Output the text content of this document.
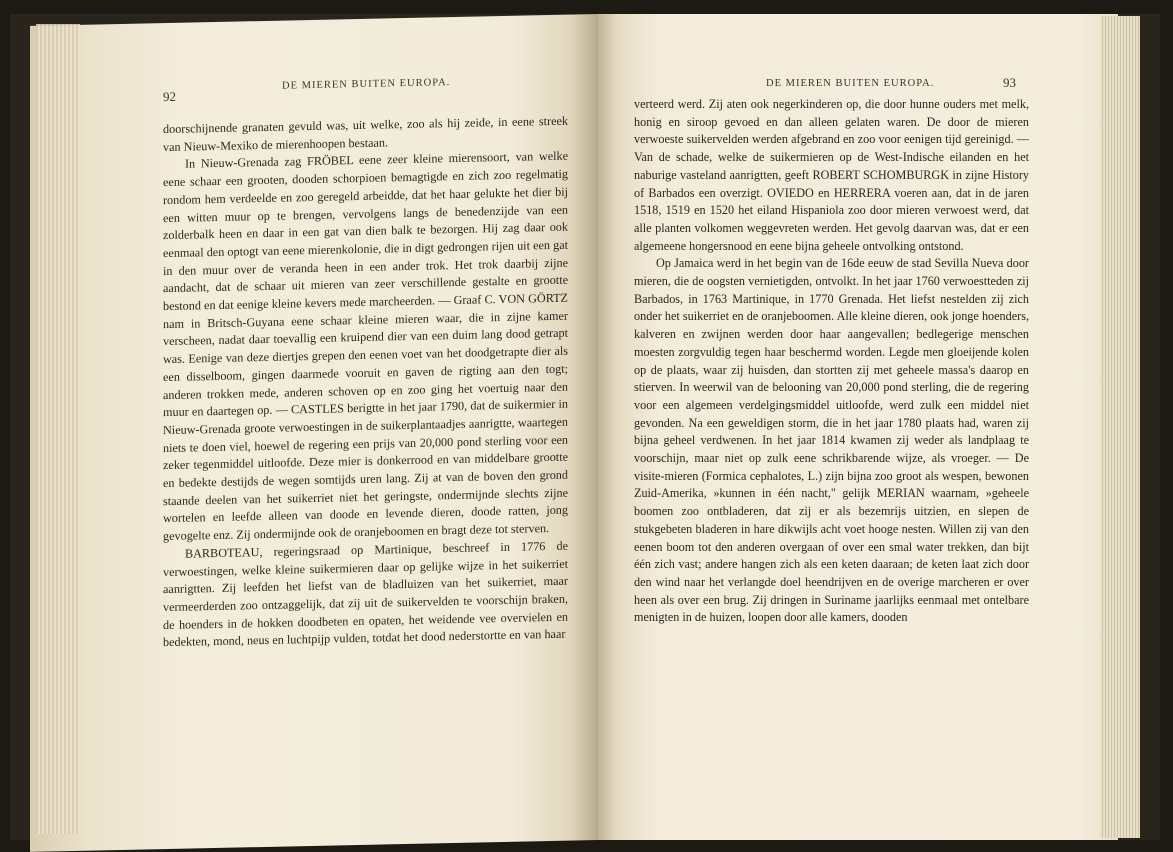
92
DE MIEREN BUITEN EUROPA.

doorschijnende granaten gevuld was, uit welke, zoo als hij zeide, in eene streek van Nieuw-Mexiko de mierenhoopen bestaan.

In Nieuw-Grenada zag FRÖBEL eene zeer kleine mierensoort, van welke eene schaar een grooten, dooden schorpioen bemagtigde en zich zoo regelmatig rondom hem verdeelde en zoo geregeld arbeidde, dat het haar gelukte het dier bij een witten muur op te brengen, vervolgens langs de benedenzijde van een zolderbalk heen en daar in een gat van dien balk te bezorgen. Hij zag daar ook eenmaal den optogt van eene mierenkolonie, die in digt gedrongen rijen uit een gat in den muur over de veranda heen in een ander trok. Het trok daarbij zijne aandacht, dat de schaar uit mieren van zeer verschillende gestalte en grootte bestond en dat eenige kleine kevers mede marcheerden. — Graaf C. VON GÖRTZ nam in Britsch-Guyana eene schaar kleine mieren waar, die in zijne kamer verscheen, nadat daar toevallig een kruipend dier van een duim lang dood getrapt was. Eenige van deze diertjes grepen den eenen voet van het doodgetrapte dier als een disselboom, gingen daarmede vooruit en gaven de rigting aan den togt; anderen trokken mede, anderen schoven op en zoo ging het voertuig naar den muur en daartegen op. — CASTLES berigtte in het jaar 1790, dat de suikermier in Nieuw-Grenada groote verwoestingen in de suikerplantaadjes aanrigtte, waartegen niets te doen viel, hoewel de regering een prijs van 20,000 pond sterling voor een zeker tegenmiddel uitloofde. Deze mier is donkerrood en van middelbare grootte en bedekte destijds de wegen somtijds uren lang. Zij at van de boven den grond staande deelen van het suikerriet niet het geringste, ondermijnde slechts zijne wortelen en leefde alleen van doode en levende dieren, doode ratten, jong gevogelte enz. Zij ondermijnde ook de oranjeboomen en bragt deze tot sterven.

BARBOTEAU, regeringsraad op Martinique, beschreef in 1776 de verwoestingen, welke kleine suikermieren daar op gelijke wijze in het suikerriet aanrigtten. Zij leefden het liefst van de bladluizen van het suikerriet, maar vermeerderden zoo ontzaggelijk, dat zij uit de suikervelden te voorschijn braken, de hoenders in de hokken doodbeten en opaten, het weidende vee overvielen en bedekten, mond, neus en luchtpijp vulden, totdat het dood nederstortte en van haar

DE MIEREN BUITEN EUROPA.	93

verteerd werd. Zij aten ook negerkinderen op, die door hunne ouders met melk, honig en siroop gevoed en dan alleen gelaten waren. De door de mieren verwoeste suikervelden werden afgebrand en zoo voor eenigen tijd gereinigd. — Van de schade, welke de suikermieren op de West-Indische eilanden en het naburige vasteland aanrigtten, geeft ROBERT SCHOMBURGK in zijne History of Barbados een overzigt. OVIEDO en HERRERA voeren aan, dat in de jaren 1518, 1519 en 1520 het eiland Hispaniola zoo door mieren verwoest werd, dat alle planten volkomen weggevreten werden. Het gevolg daarvan was, dat er een algemeene hongersnood en eene bijna geheele ontvolking ontstond.

Op Jamaica werd in het begin van de 16de eeuw de stad Sevilla Nueva door mieren, die de oogsten vernietigden, ontvolkt. In het jaar 1760 verwoestteden zij Barbados, in 1763 Martinique, in 1770 Grenada. Het liefst nestelden zij zich onder het suikerriet en de oranjeboomen. Alle kleine dieren, ook jonge hoenders, kalveren en zwijnen werden door haar aangevallen; bedlegerige menschen moesten zorgvuldig tegen haar beschermd worden. Legde men gloeijende kolen op de plaats, waar zij huisden, dan stortten zij met geheele massa's daarop en stierven. In weerwil van de belooning van 20,000 pond sterling, die de regering voor een algemeen verdelgingsmiddel uitloofde, werd zulk een middel niet gevonden. Na een geweldigen storm, die in het jaar 1780 plaats had, waren zij bijna geheel verdwenen. In het jaar 1814 kwamen zij weder als landplaag te voorschijn, maar niet op zulk eene schrikbarende wijze, als vroeger. — De visite-mieren (Formica cephalotes, L.) zijn bijna zoo groot als wespen, bewonen Zuid-Amerika, »kunnen in één nacht," gelijk MERIAN waarnam, »geheele boomen zoo ontbladeren, dat zij er als bezemrijs uitzien, en slepen de stukgebeten bladeren in hare dikwijls acht voet hooge nesten. Willen zij van den eenen boom tot den anderen overgaan of over een smal water trekken, dan bijt één zich vast; andere hangen zich als een keten daaraan; de keten laat zich door den wind naar het verlangde doel heendrijven en de overige marcheren er over heen als over een brug. Zij dringen in Suriname jaarlijks eenmaal met ontelbare menigten in de huizen, loopen door alle kamers, dooden
